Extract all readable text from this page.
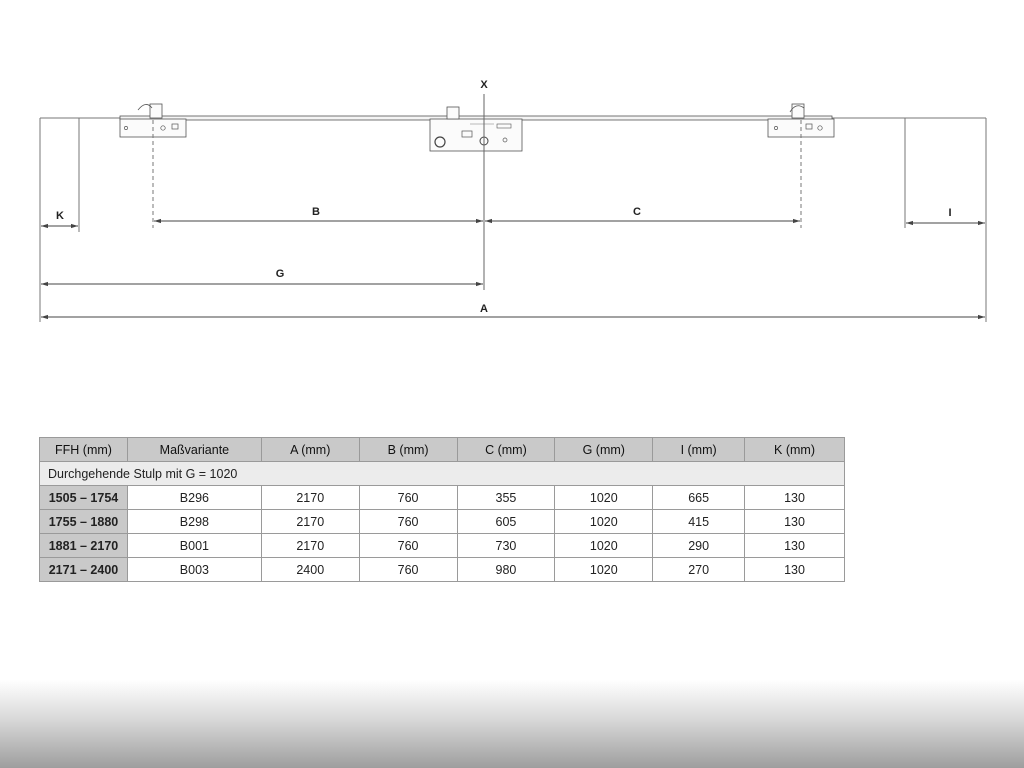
X
K	B	C	I
G
A
FFH (mm)	Maßvariante	A (mm)	B (mm)	C (mm)	G (mm)	I (mm)	K (mm)
Durchgehende Stulp mit G = 1020							
1505 – 1754	B296	2170	760	355	1020	665	130
1755 – 1880	B298	2170	760	605	1020	415	130
1881 – 2170	B001	2170	760	730	1020	290	130
2171 – 2400	B003	2400	760	980	1020	270	130
